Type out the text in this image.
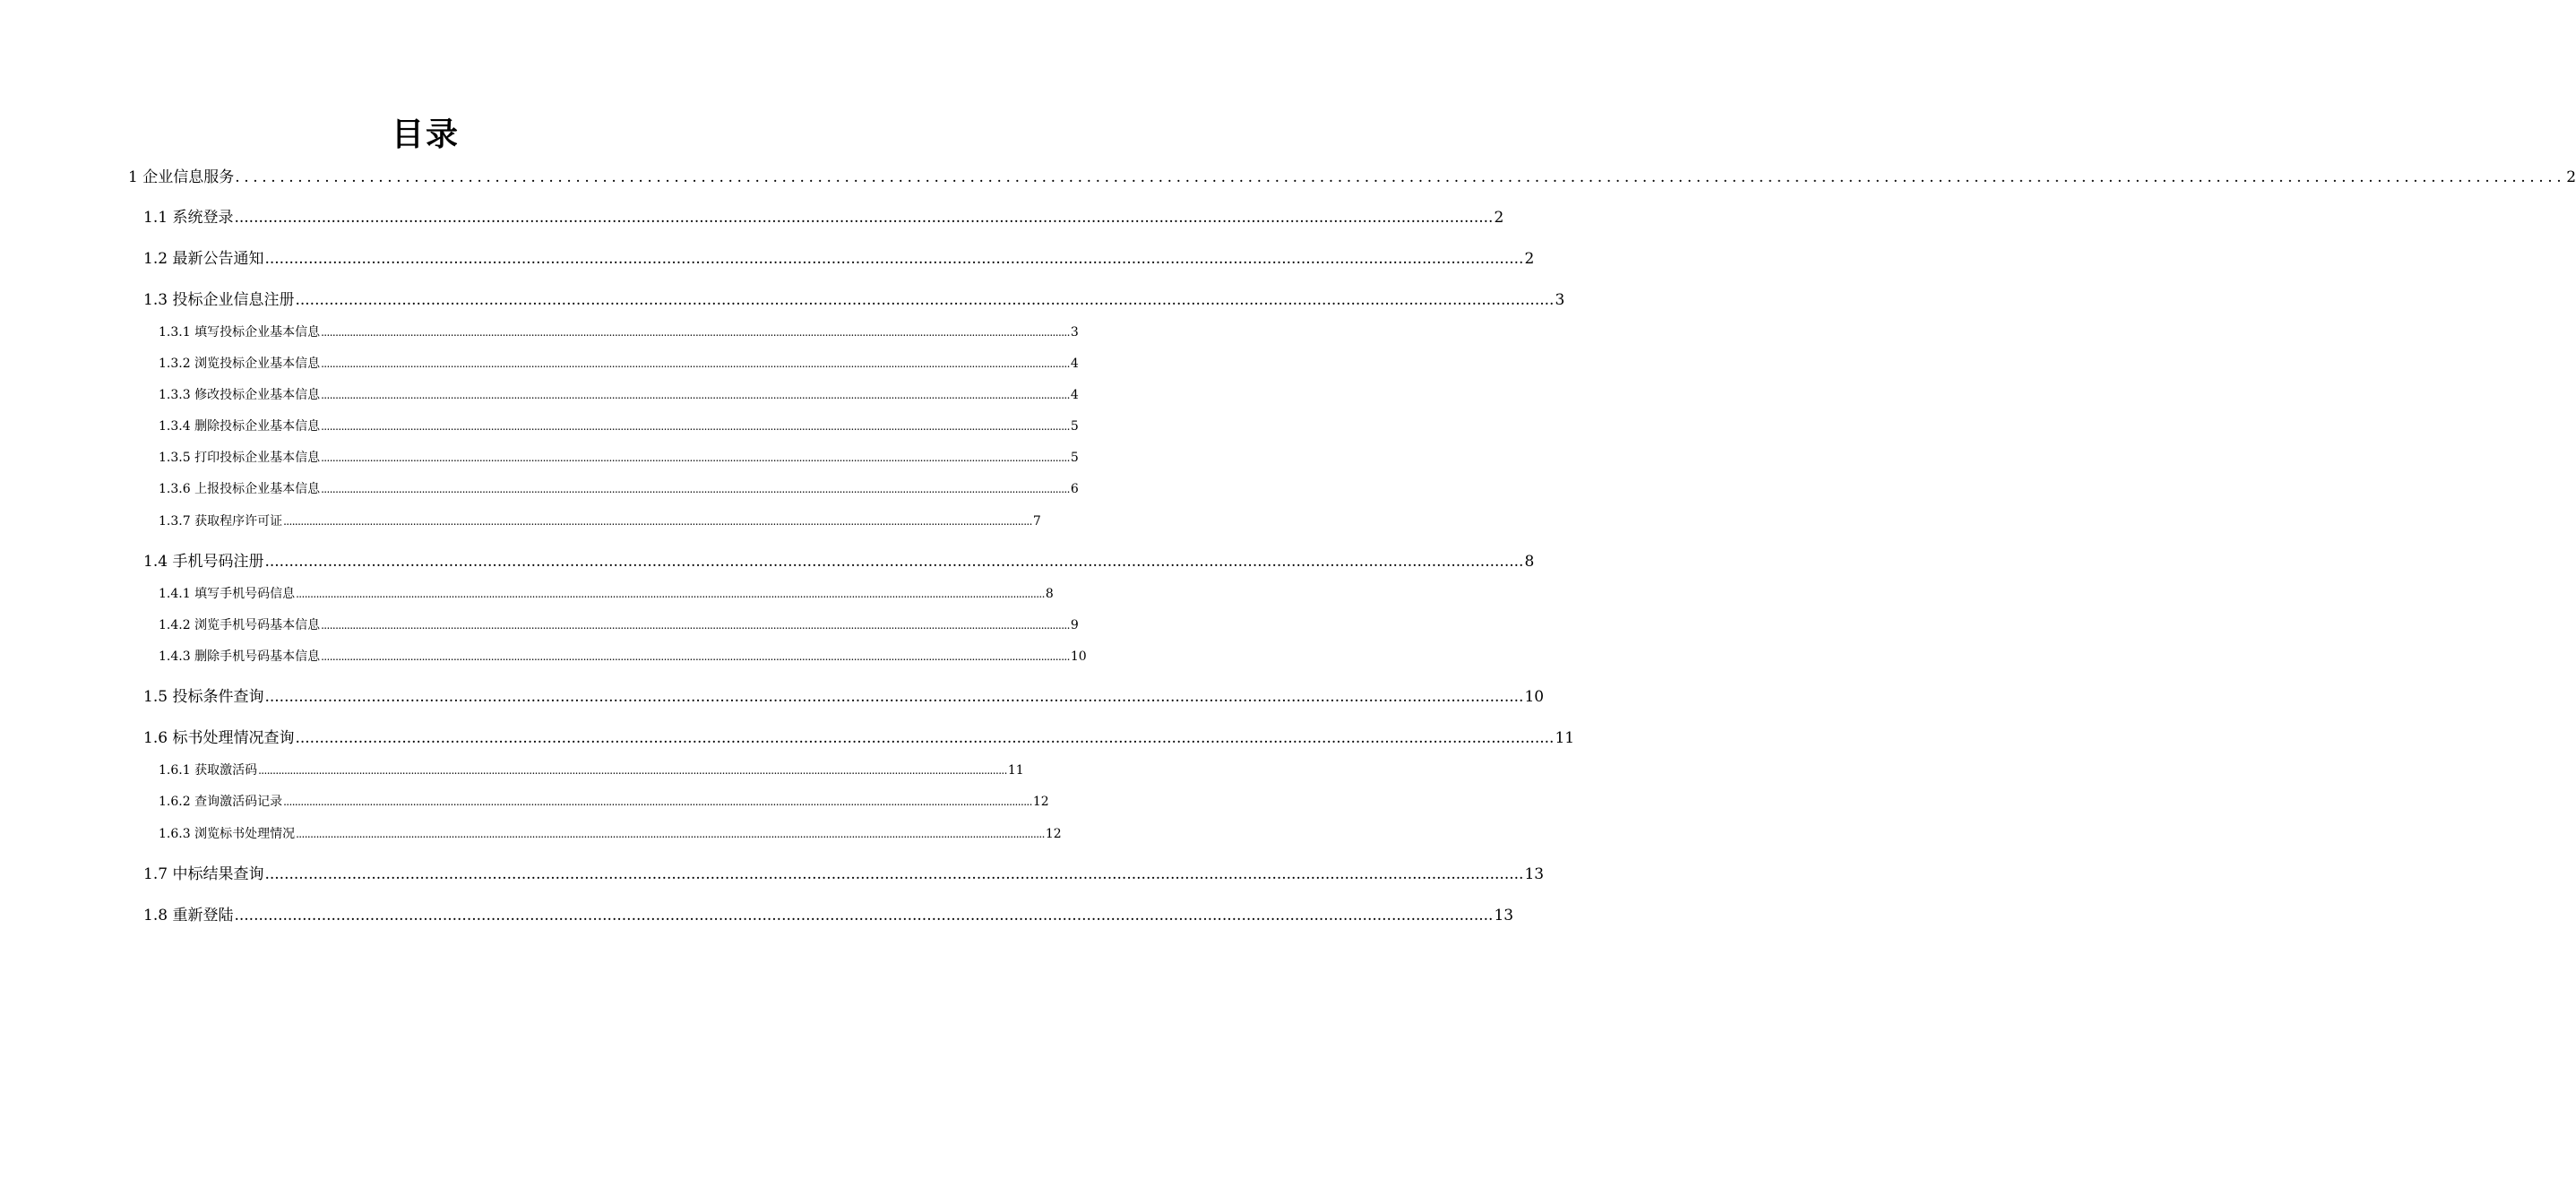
目录
1 企业信息服务 .................................................................................................................................................................................................................................................................... 2
1.1 系统登录 .................................................................................................................................................................................................................................................................... 2
1.2 最新公告通知 .................................................................................................................................................................................................................................................................... 2
1.3 投标企业信息注册 .................................................................................................................................................................................................................................................................... 3
1.3.1 填写投标企业基本信息 .................................................................................................................................................................................................................................................................... 3
1.3.2 浏览投标企业基本信息 .................................................................................................................................................................................................................................................................... 4
1.3.3 修改投标企业基本信息 .................................................................................................................................................................................................................................................................... 4
1.3.4 删除投标企业基本信息 .................................................................................................................................................................................................................................................................... 5
1.3.5 打印投标企业基本信息 .................................................................................................................................................................................................................................................................... 5
1.3.6 上报投标企业基本信息 .................................................................................................................................................................................................................................................................... 6
1.3.7 获取程序许可证 .................................................................................................................................................................................................................................................................... 7
1.4 手机号码注册 .................................................................................................................................................................................................................................................................... 8
1.4.1 填写手机号码信息 .................................................................................................................................................................................................................................................................... 8
1.4.2 浏览手机号码基本信息 .................................................................................................................................................................................................................................................................... 9
1.4.3 删除手机号码基本信息 .................................................................................................................................................................................................................................................................... 10
1.5 投标条件查询 .................................................................................................................................................................................................................................................................... 10
1.6 标书处理情况查询 .................................................................................................................................................................................................................................................................... 11
1.6.1 获取激活码 .................................................................................................................................................................................................................................................................... 11
1.6.2 查询激活码记录 .................................................................................................................................................................................................................................................................... 12
1.6.3 浏览标书处理情况 .................................................................................................................................................................................................................................................................... 12
1.7 中标结果查询 .................................................................................................................................................................................................................................................................... 13
1.8 重新登陆 .................................................................................................................................................................................................................................................................... 13
